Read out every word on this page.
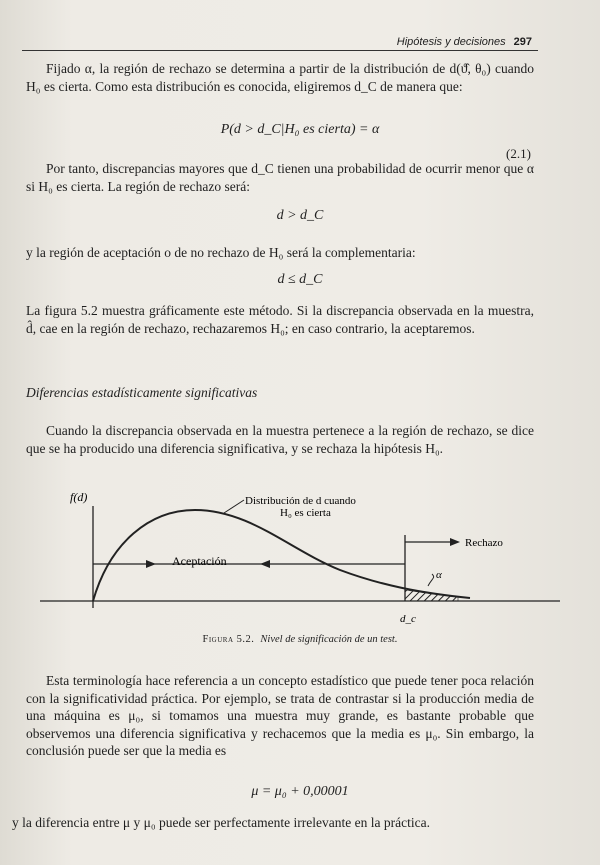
Hipótesis y decisiones 297

Fijado α, la región de rechazo se determina a partir de la distribución de d(ϑ̂, θ₀) cuando H₀ es cierta. Como esta distribución es conocida, eligiremos d_C de manera que:

P(d > d_C|H₀ es cierta) = α
(2.1)

Por tanto, discrepancias mayores que d_C tienen una probabilidad de ocurrir menor que α si H₀ es cierta. La región de rechazo será:

d > d_C

y la región de aceptación o de no rechazo de H₀ será la complementaria:

d ≤ d_C

La figura 5.2 muestra gráficamente este método. Si la discrepancia observada en la muestra, d̂, cae en la región de rechazo, rechazaremos H₀; en caso contrario, la aceptaremos.

Diferencias estadísticamente significativas

Cuando la discrepancia observada en la muestra pertenece a la región de rechazo, se dice que se ha producido una diferencia significativa, y se rechaza la hipótesis H₀.

f(d)
d_c
Rechazo
Aceptación
Distribución de d cuando
H₀ es cierta
α
Figura 5.2. Nivel de significación de un test.

Esta terminología hace referencia a un concepto estadístico que puede tener poca relación con la significatividad práctica. Por ejemplo, se trata de contrastar si la producción media de una máquina es μ₀, si tomamos una muestra muy grande, es bastante probable que observemos una diferencia significativa y rechacemos que la media es μ₀. Sin embargo, la conclusión puede ser que la media es

μ = μ₀ + 0,00001

y la diferencia entre μ y μ₀ puede ser perfectamente irrelevante en la práctica.
